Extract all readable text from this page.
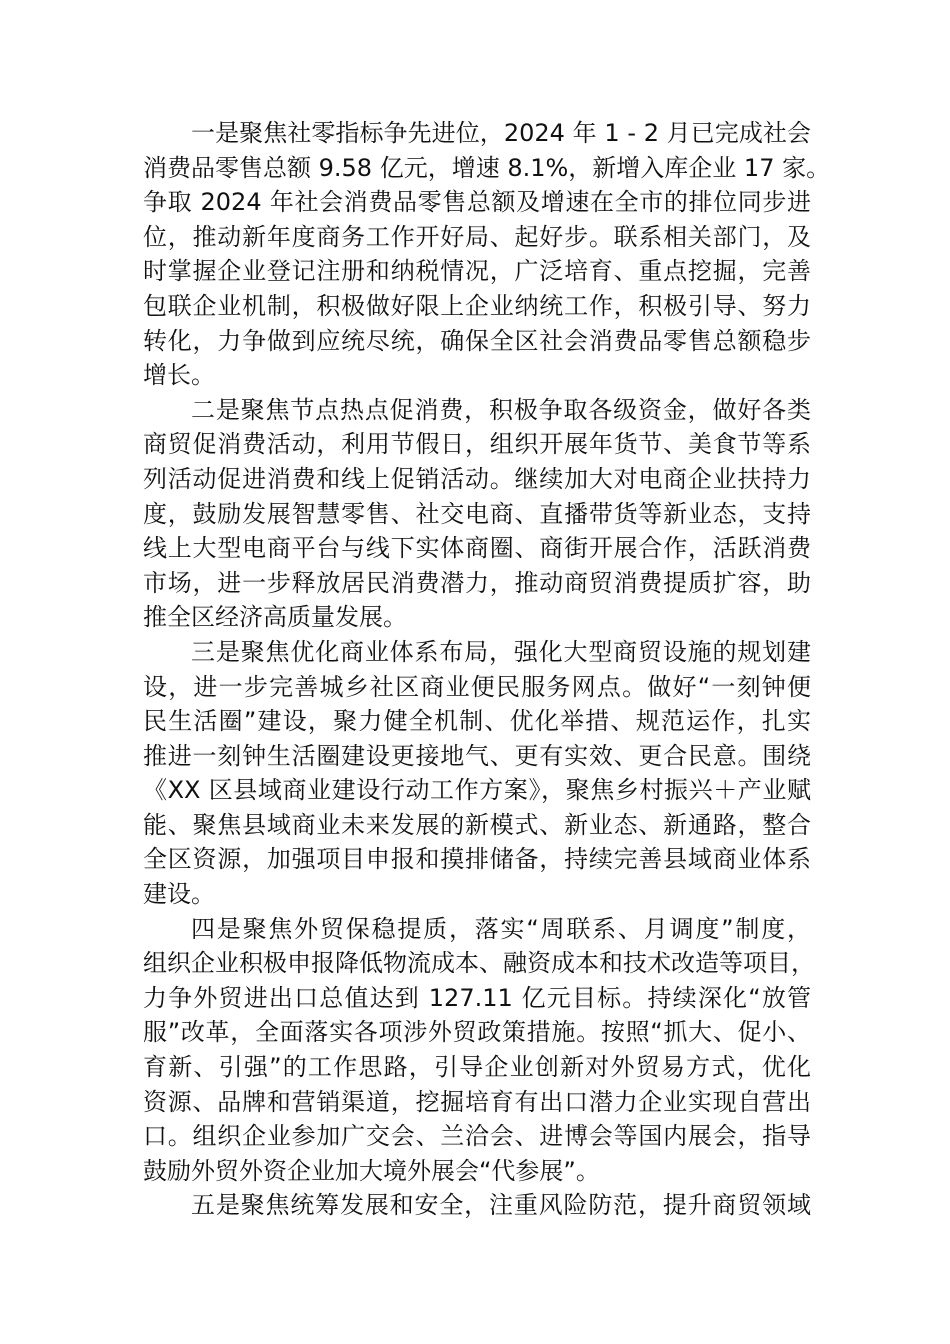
一是聚焦社零指标争先进位，2024 年 1 - 2 月已完成社会
消费品零售总额 9.58 亿元，增速 8.1%，新增入库企业 17 家。
争取 2024 年社会消费品零售总额及增速在全市的排位同步进
位，推动新年度商务工作开好局、起好步。联系相关部门，及
时掌握企业登记注册和纳税情况，广泛培育、重点挖掘，完善
包联企业机制，积极做好限上企业纳统工作，积极引导、努力
转化，力争做到应统尽统，确保全区社会消费品零售总额稳步
增长。
二是聚焦节点热点促消费，积极争取各级资金，做好各类
商贸促消费活动，利用节假日，组织开展年货节、美食节等系
列活动促进消费和线上促销活动。继续加大对电商企业扶持力
度，鼓励发展智慧零售、社交电商、直播带货等新业态，支持
线上大型电商平台与线下实体商圈、商街开展合作，活跃消费
市场，进一步释放居民消费潜力，推动商贸消费提质扩容，助
推全区经济高质量发展。
三是聚焦优化商业体系布局，强化大型商贸设施的规划建
设，进一步完善城乡社区商业便民服务网点。做好“一刻钟便
民生活圈”建设，聚力健全机制、优化举措、规范运作，扎实
推进一刻钟生活圈建设更接地气、更有实效、更合民意。围绕
《XX 区县域商业建设行动工作方案》，聚焦乡村振兴＋产业赋
能、聚焦县域商业未来发展的新模式、新业态、新通路，整合
全区资源，加强项目申报和摸排储备，持续完善县域商业体系
建设。
四是聚焦外贸保稳提质，落实“周联系、月调度”制度，
组织企业积极申报降低物流成本、融资成本和技术改造等项目，
力争外贸进出口总值达到 127.11 亿元目标。持续深化“放管
服”改革，全面落实各项涉外贸政策措施。按照“抓大、促小、
育新、引强”的工作思路，引导企业创新对外贸易方式，优化
资源、品牌和营销渠道，挖掘培育有出口潜力企业实现自营出
口。组织企业参加广交会、兰洽会、进博会等国内展会，指导
鼓励外贸外资企业加大境外展会“代参展”。
五是聚焦统筹发展和安全，注重风险防范，提升商贸领域
